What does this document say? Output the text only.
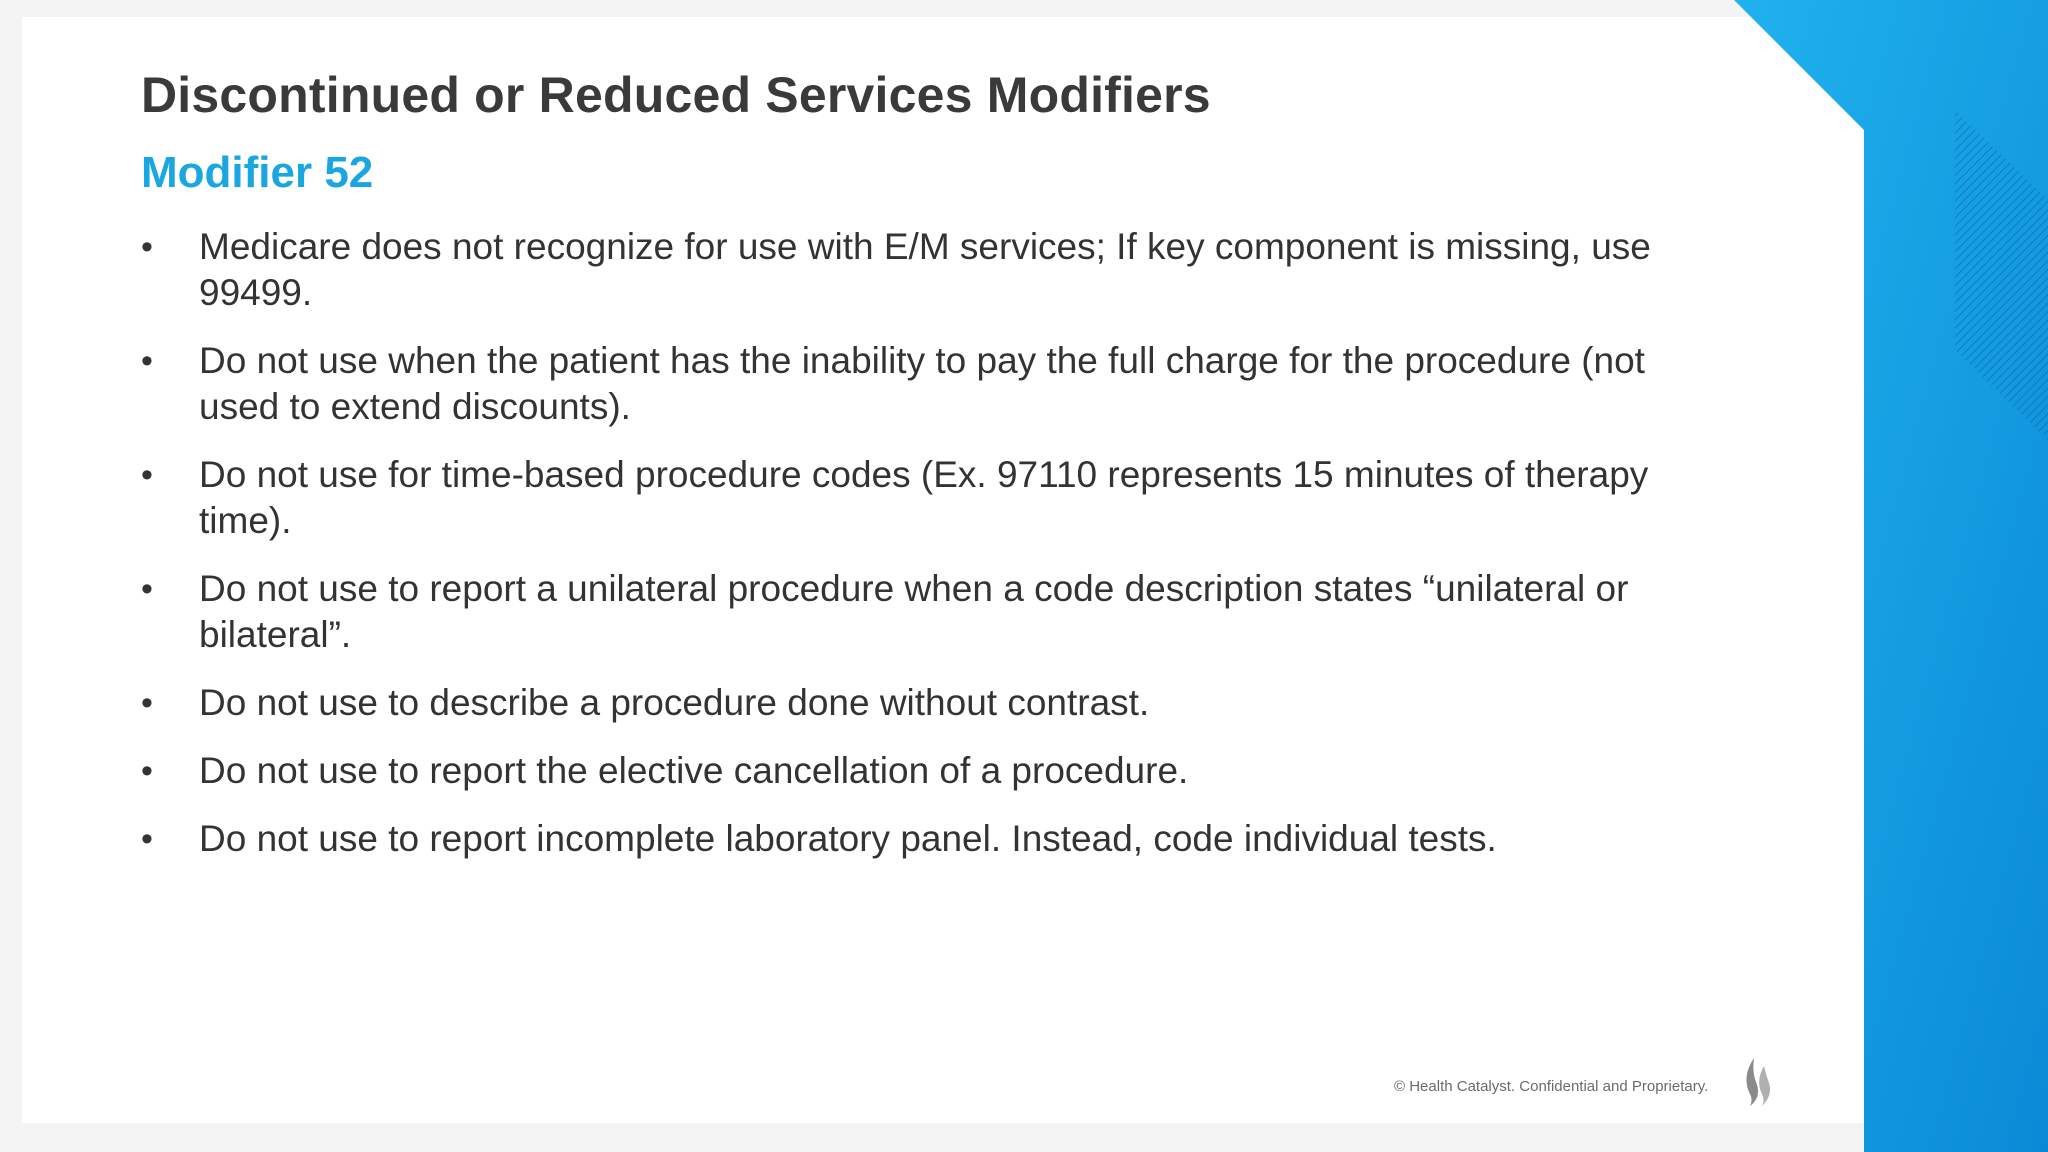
Discontinued or Reduced Services Modifiers
Modifier 52
• Medicare does not recognize for use with E/M services; If key component is missing, use 99499.
• Do not use when the patient has the inability to pay the full charge for the procedure (not used to extend discounts).
• Do not use for time-based procedure codes (Ex. 97110 represents 15 minutes of therapy time).
• Do not use to report a unilateral procedure when a code description states “unilateral or bilateral”.
• Do not use to describe a procedure done without contrast.
• Do not use to report the elective cancellation of a procedure.
• Do not use to report incomplete laboratory panel. Instead, code individual tests.
© Health Catalyst. Confidential and Proprietary.
